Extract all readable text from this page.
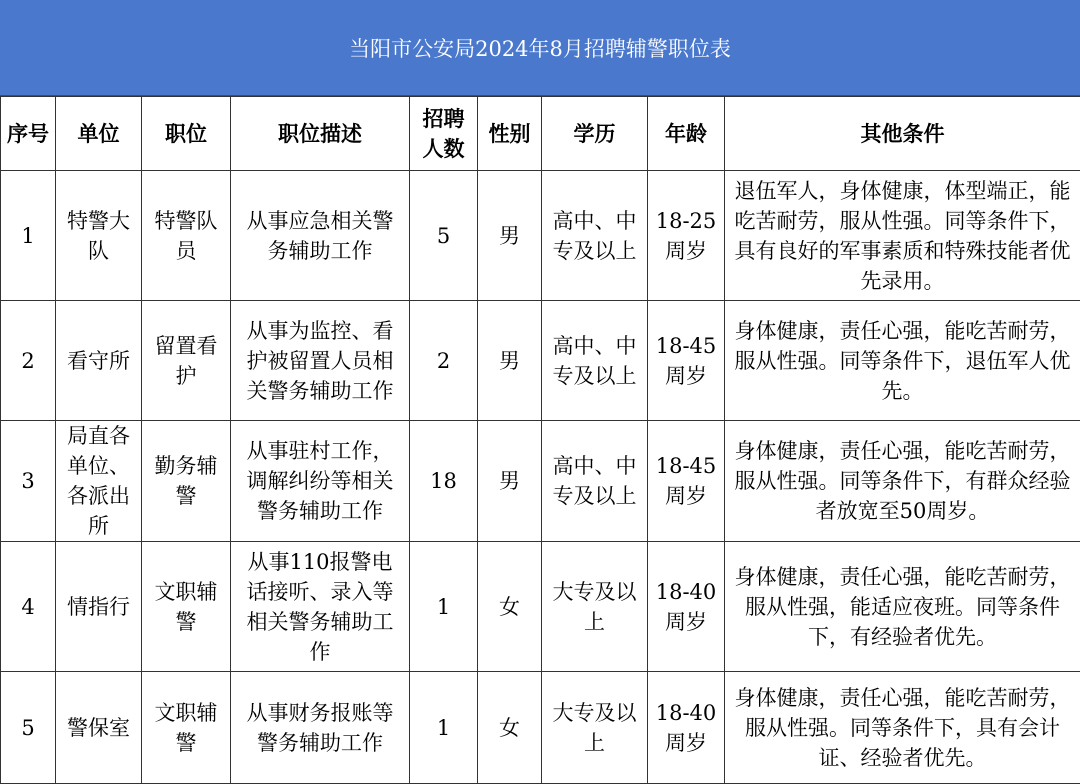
当阳市公安局2024年8月招聘辅警职位表
序号	单位	职位	职位描述	招聘人数	性别	学历	年龄	其他条件
1	特警大队	特警队员	从事应急相关警务辅助工作	5	男	高中、中专及以上	18-25周岁	退伍军人，身体健康，体型端正，能吃苦耐劳，服从性强。同等条件下，具有良好的军事素质和特殊技能者优先录用。
2	看守所	留置看护	从事为监控、看护被留置人员相关警务辅助工作	2	男	高中、中专及以上	18-45周岁	身体健康，责任心强，能吃苦耐劳，服从性强。同等条件下，退伍军人优先。
3	局直各单位、各派出所	勤务辅警	从事驻村工作，调解纠纷等相关警务辅助工作	18	男	高中、中专及以上	18-45周岁	身体健康，责任心强，能吃苦耐劳，服从性强。同等条件下，有群众经验者放宽至50周岁。
4	情指行	文职辅警	从事110报警电话接听、录入等相关警务辅助工作	1	女	大专及以上	18-40周岁	身体健康，责任心强，能吃苦耐劳，服从性强，能适应夜班。同等条件下，有经验者优先。
5	警保室	文职辅警	从事财务报账等警务辅助工作	1	女	大专及以上	18-40周岁	身体健康，责任心强，能吃苦耐劳，服从性强。同等条件下，具有会计证、经验者优先。
